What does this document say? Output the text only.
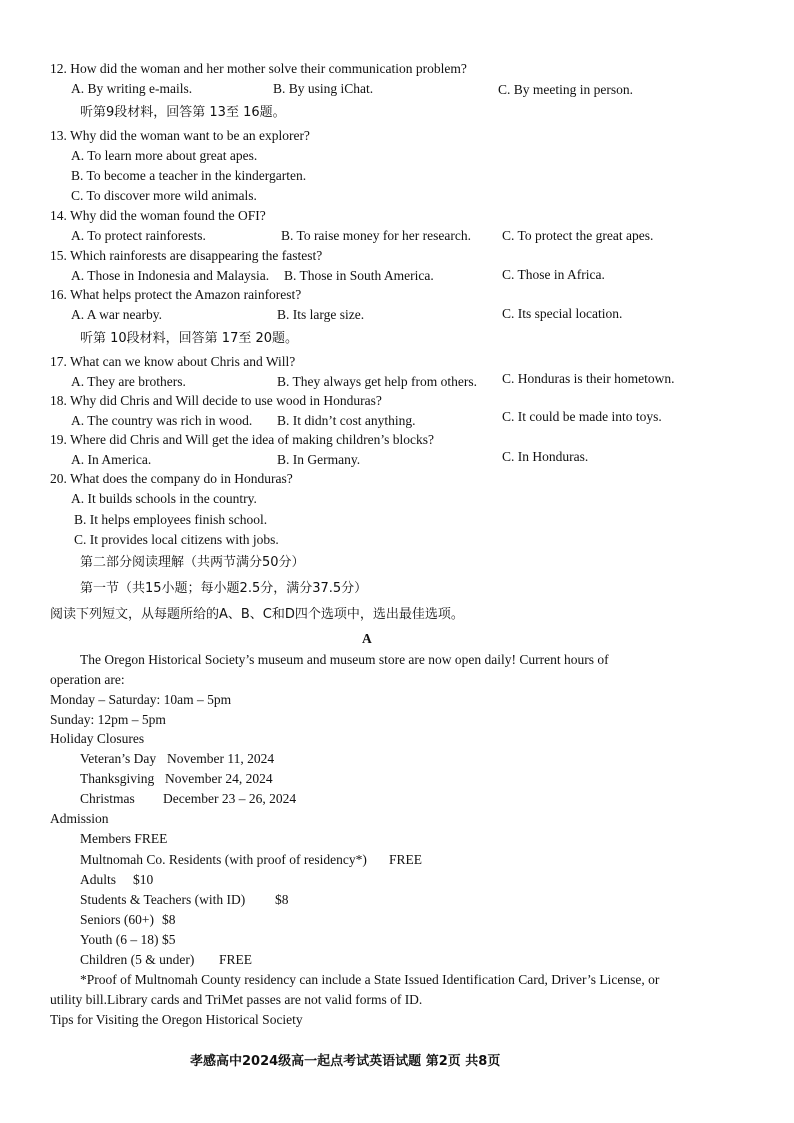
12. How did the woman and her mother solve their communication problem?
A. By writing e-mails.	B. By using iChat.	C. By meeting in person.
听第9段材料，回答第 13至 16题。
13. Why did the woman want to be an explorer?
A. To learn more about great apes.
B. To become a teacher in the kindergarten.
C. To discover more wild animals.
14. Why did the woman found the OFI?
A. To protect rainforests.	B. To raise money for her research. C. To protect the great apes.
15. Which rainforests are disappearing the fastest?
A. Those in Indonesia and Malaysia. B. Those in South America.	C. Those in Africa.
16. What helps protect the Amazon rainforest?
A. A war nearby.	B. Its large size.	C. Its special location.
听第 10段材料，回答第 17至 20题。
17. What can we know about Chris and Will?
A. They are brothers.	B. They always get help from others. C. Honduras is their hometown.
18. Why did Chris and Will decide to use wood in Honduras?
A. The country was rich in wood. B. It didn’t cost anything.	C. It could be made into toys.
19. Where did Chris and Will get the idea of making children’s blocks?
A. In America.	B. In Germany.	C. In Honduras.
20. What does the company do in Honduras?
A. It builds schools in the country.
B. It helps employees finish school.
C. It provides local citizens with jobs.
第二部分阅读理解（共两节满分50分）
第一节（共15小题；每小题2.5分，满分37.5分）
阅读下列短文，从每题所给的A、B、C和D四个选项中，选出最佳选项。
A
The Oregon Historical Society’s museum and museum store are now open daily! Current hours of
operation are:
Monday – Saturday: 10am – 5pm
Sunday: 12pm – 5pm
Holiday Closures
Veteran’s Day November 11, 2024
Thanksgiving November 24, 2024
Christmas December 23 – 26, 2024
Admission
Members FREE
Multnomah Co. Residents (with proof of residency*) FREE
Adults $10
Students & Teachers (with ID) $8
Seniors (60+) $8
Youth (6 – 18) $5
Children (5 & under) FREE
*Proof of Multnomah County residency can include a State Issued Identification Card, Driver’s License, or
utility bill.Library cards and TriMet passes are not valid forms of ID.
Tips for Visiting the Oregon Historical Society
孝感高中2024级高一起点考试英语试题 第2页 共8页
